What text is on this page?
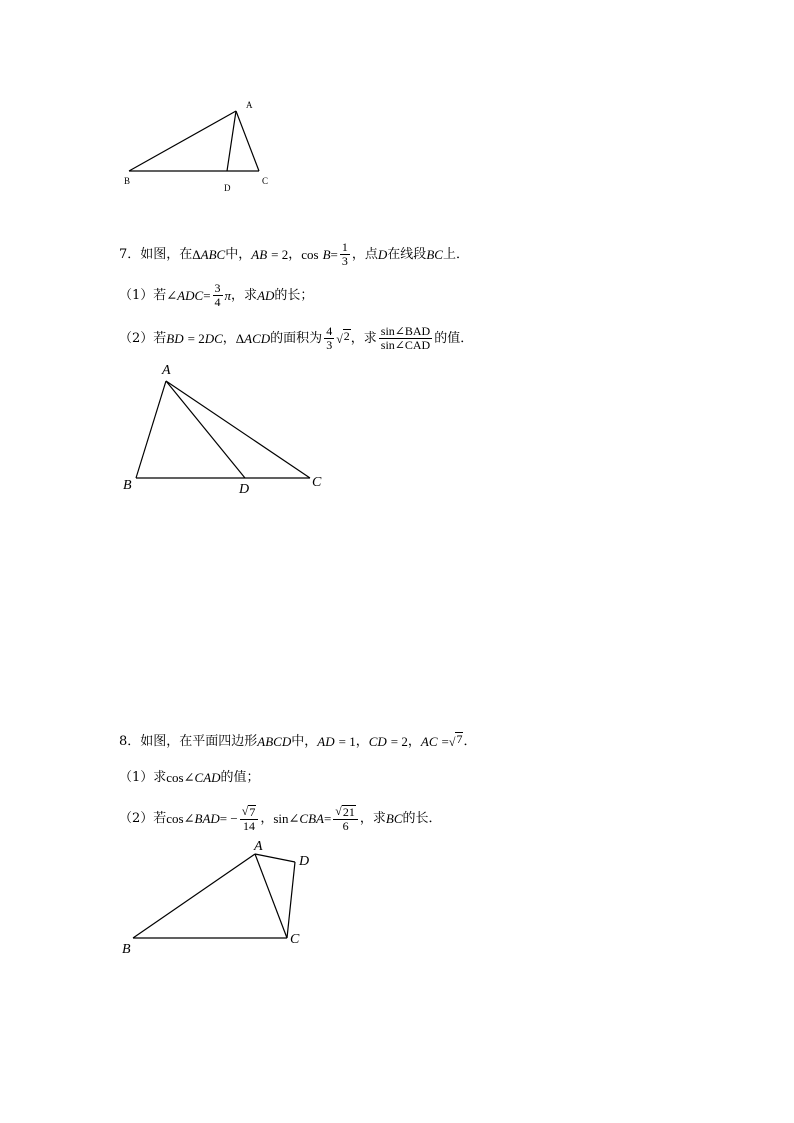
A
B
D
C
7． 如图，在 Δ ABC 中， AB = 2 ， $\cos B = \frac{1}{3}$ ，点 D 在线段 BC 上．
（1）若 ∠ADC = $\frac{3}{4}$ π ，求 AD 的长；
（2）若 BD = 2 DC ， Δ ACD 的面积为 $\frac{4}{3}$ √ 2 ，求 $\frac{\text{sin∠BAD}}{\text{sin∠CAD}}$ 的值．
A
B	D	C
8． 如图，在平面四边形 ABCD 中， AD = 1 ， CD = 2 ， AC = √ 7 ．
（1）求 cos ∠CAD 的值；
（2）若 cos ∠BAD = − $\frac{√ 7}{14}$ ， sin ∠CBA = $\frac{√ 21}{6}$ ，求 BC 的长．
A
D
B
C
